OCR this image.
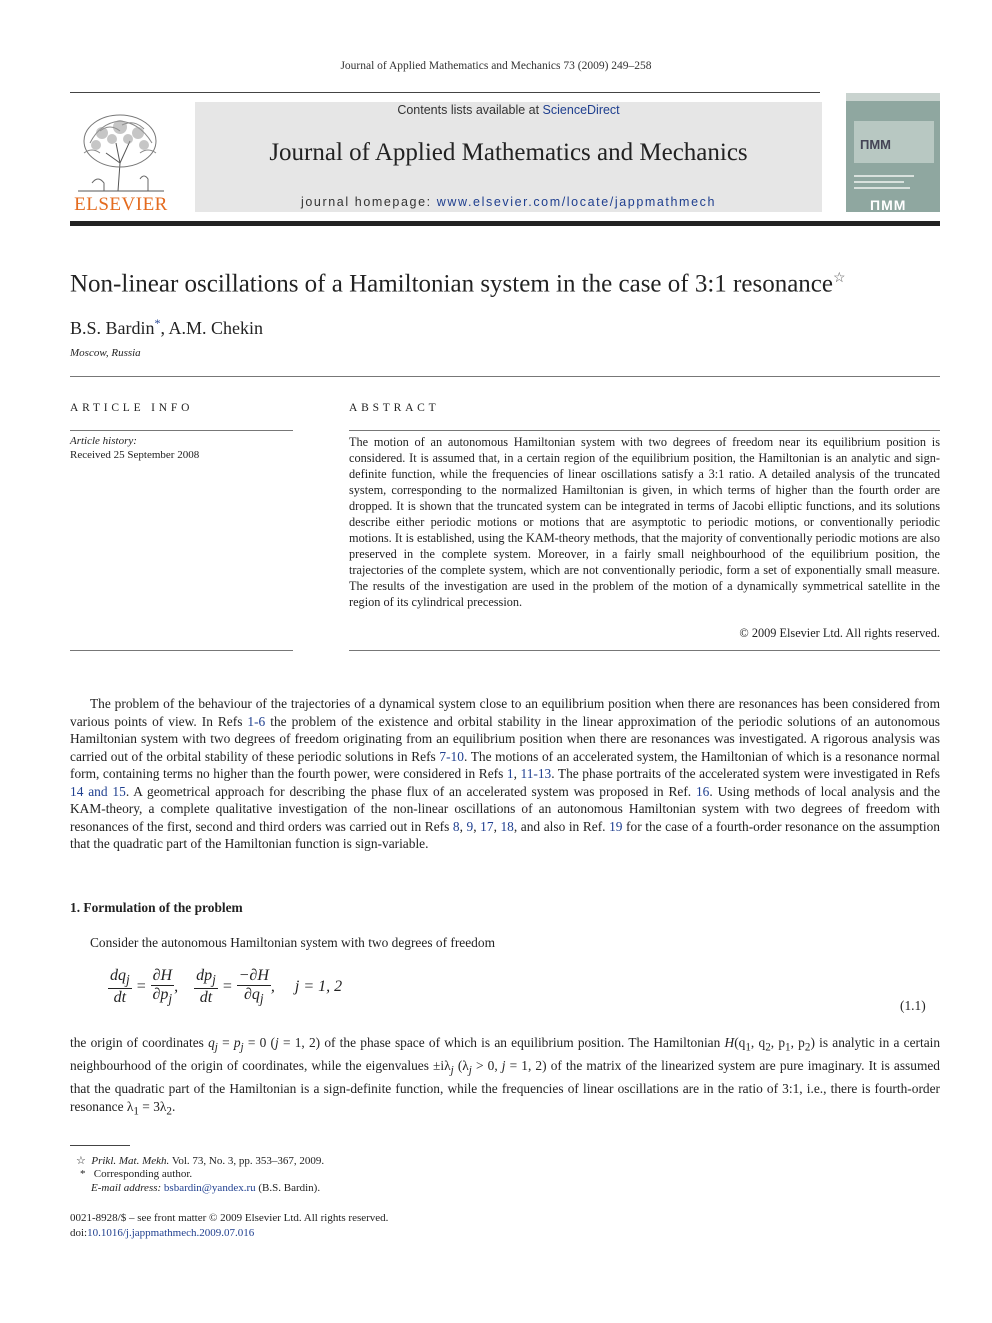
Journal of Applied Mathematics and Mechanics 73 (2009) 249–258
ELSEVIER
Contents lists available at ScienceDirect
Journal of Applied Mathematics and Mechanics
journal homepage: www.elsevier.com/locate/jappmathmech
ПММ
ПММ
Non-linear oscillations of a Hamiltonian system in the case of 3:1 resonance☆
B.S. Bardin*, A.M. Chekin
Moscow, Russia
ARTICLE INFO	ABSTRACT
Article history:
Received 25 September 2008
The motion of an autonomous Hamiltonian system with two degrees of freedom near its equilibrium position is considered. It is assumed that, in a certain region of the equilibrium position, the Hamiltonian is an analytic and sign-definite function, while the frequencies of linear oscillations satisfy a 3:1 ratio. A detailed analysis of the truncated system, corresponding to the normalized Hamiltonian is given, in which terms of higher than the fourth order are dropped. It is shown that the truncated system can be integrated in terms of Jacobi elliptic functions, and its solutions describe either periodic motions or motions that are asymptotic to periodic motions, or conventionally periodic motions. It is established, using the KAM-theory methods, that the majority of conventionally periodic motions are also preserved in the complete system. Moreover, in a fairly small neighbourhood of the equilibrium position, the trajectories of the complete system, which are not conventionally periodic, form a set of exponentially small measure. The results of the investigation are used in the problem of the motion of a dynamically symmetrical satellite in the region of its cylindrical precession.
© 2009 Elsevier Ltd. All rights reserved.
The problem of the behaviour of the trajectories of a dynamical system close to an equilibrium position when there are resonances has been considered from various points of view. In Refs 1-6 the problem of the existence and orbital stability in the linear approximation of the periodic solutions of an autonomous Hamiltonian system with two degrees of freedom originating from an equilibrium position when there are resonances was investigated. A rigorous analysis was carried out of the orbital stability of these periodic solutions in Refs 7-10. The motions of an accelerated system, the Hamiltonian of which is a resonance normal form, containing terms no higher than the fourth power, were considered in Refs 1, 11-13. The phase portraits of the accelerated system were investigated in Refs 14 and 15. A geometrical approach for describing the phase flux of an accelerated system was proposed in Ref. 16. Using methods of local analysis and the KAM-theory, a complete qualitative investigation of the non-linear oscillations of an autonomous Hamiltonian system with two degrees of freedom with resonances of the first, second and third orders was carried out in Refs 8, 9, 17, 18, and also in Ref. 19 for the case of a fourth-order resonance on the assumption that the quadratic part of the Hamiltonian function is sign-variable.
1. Formulation of the problem
Consider the autonomous Hamiltonian system with two degrees of freedom
$\frac{dq_j}{dt} = \frac{\partial H}{\partial p_j}$ , $\frac{dp_j}{dt} = \frac{-\partial H}{\partial q_j}$ ,     j = 1, 2
(1.1)
the origin of coordinates $q_j = p_j = 0$ (j = 1, 2) of the phase space of which is an equilibrium position. The Hamiltonian $H(q_1$, $q_2$, $p_1$, $p_2$) is analytic in a certain neighbourhood of the origin of coordinates, while the eigenvalues $\pm i\lambda_j$ ($\lambda_j > 0$, j = 1, 2) of the matrix of the linearized system are pure imaginary. It is assumed that the quadratic part of the Hamiltonian is a sign-definite function, while the frequencies of linear oscillations are in the ratio of 3:1, i.e., there is fourth-order resonance $\lambda_1 = 3\lambda_2$.
☆ Prikl. Mat. Mekh. Vol. 73, No. 3, pp. 353–367, 2009.
* Corresponding author.
E-mail address: bsbardin@yandex.ru (B.S. Bardin).
0021-8928/$ – see front matter © 2009 Elsevier Ltd. All rights reserved.
doi:10.1016/j.jappmathmech.2009.07.016
